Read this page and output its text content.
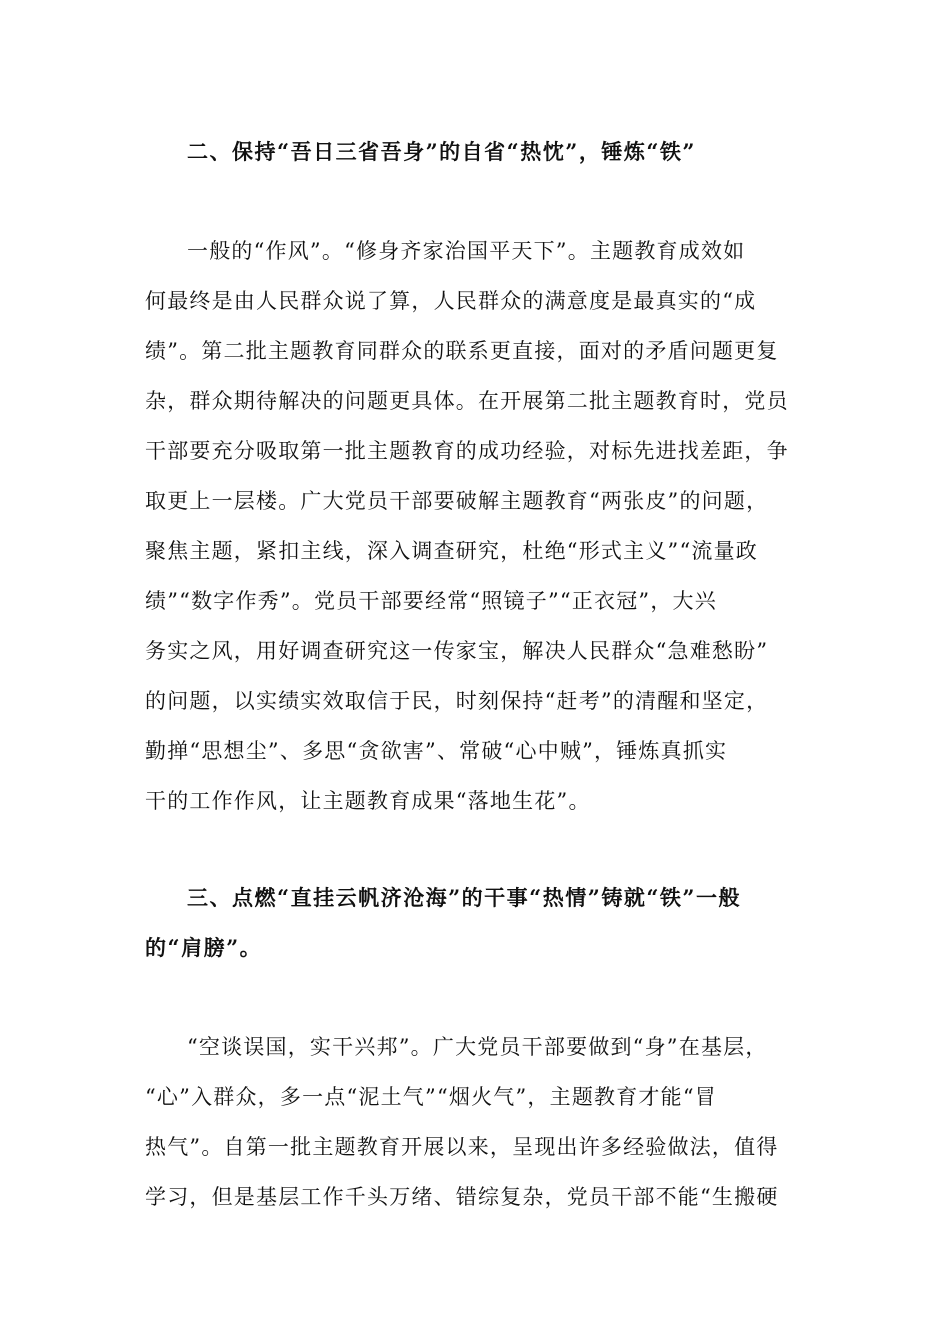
二、保持“吾日三省吾身”的自省“热忱”，锤炼“铁”
一般的“作风”。“修身齐家治国平天下”。主题教育成效如
何最终是由人民群众说了算，人民群众的满意度是最真实的“成
绩”。第二批主题教育同群众的联系更直接，面对的矛盾问题更复
杂，群众期待解决的问题更具体。在开展第二批主题教育时，党员
干部要充分吸取第一批主题教育的成功经验，对标先进找差距，争
取更上一层楼。广大党员干部要破解主题教育“两张皮”的问题，
聚焦主题，紧扣主线，深入调查研究，杜绝“形式主义”“流量政
绩”“数字作秀”。党员干部要经常“照镜子”“正衣冠”，大兴
务实之风，用好调查研究这一传家宝，解决人民群众“急难愁盼”
的问题，以实绩实效取信于民，时刻保持“赶考”的清醒和坚定，
勤掸“思想尘”、多思“贪欲害”、常破“心中贼”，锤炼真抓实
干的工作作风，让主题教育成果“落地生花”。
三、点燃“直挂云帆济沧海”的干事“热情”铸就“铁”一般
的“肩膀”。
“空谈误国，实干兴邦”。广大党员干部要做到“身”在基层，
“心”入群众，多一点“泥土气”“烟火气”，主题教育才能“冒
热气”。自第一批主题教育开展以来，呈现出许多经验做法，值得
学习，但是基层工作千头万绪、错综复杂，党员干部不能“生搬硬
